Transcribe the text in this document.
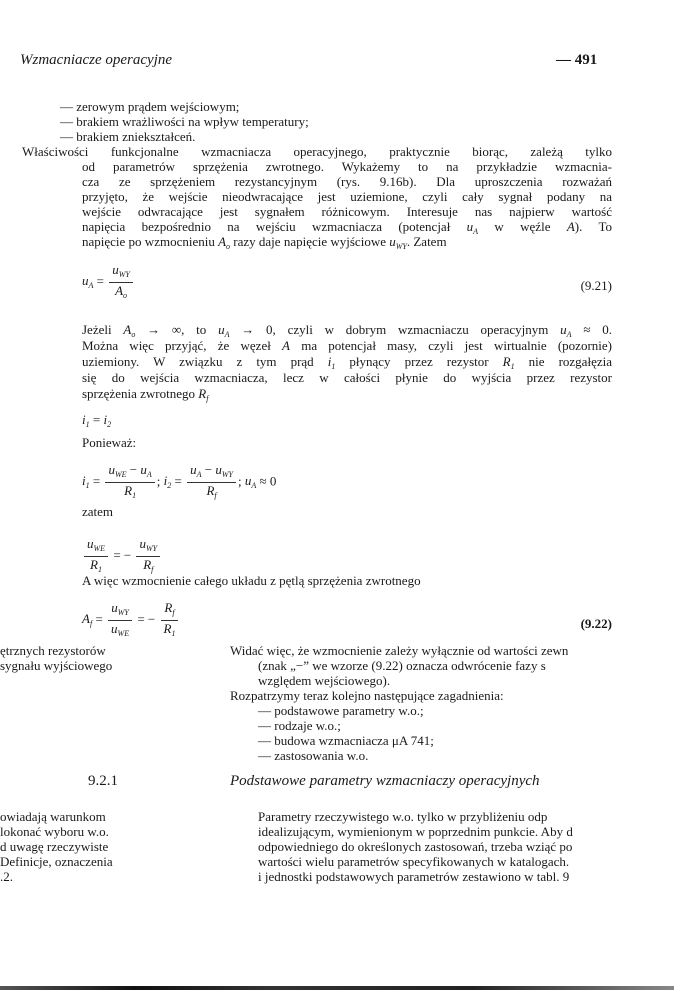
Wzmacniacze operacyjne	— 491
— zerowym prądem wejściowym;
— brakiem wrażliwości na wpływ temperatury;
— brakiem zniekształceń.
Właściwości funkcjonalne wzmacniacza operacyjnego, praktycznie biorąc, zależą tylko
od parametrów sprzężenia zwrotnego. Wykażemy to na przykładzie wzmacnia-
cza ze sprzężeniem rezystancyjnym (rys. 9.16b). Dla uproszczenia rozważań
przyjęto, że wejście nieodwracające jest uziemione, czyli cały sygnał podany na
wejście odwracające jest sygnałem różnicowym. Interesuje nas najpierw wartość
napięcia bezpośrednio na wejściu wzmacniacza (potencjał $u_A$ w węźle A). To
napięcie po wzmocnieniu $A_o$ razy daje napięcie wyjściowe $u_{WY}$. Zatem
$u_A = \frac{u_{WY}}{A_o}$	(9.21)
Jeżeli $A_o$ → ∞, to $u_A \to 0$, czyli w dobrym wzmacniaczu operacyjnym $u_A \approx 0$.
Można więc przyjąć, że węzeł A ma potencjał masy, czyli jest wirtualnie (pozornie)
uziemiony. W związku z tym prąd $i_1$ płynący przez rezystor $R_1$ nie rozgałęzia
się do wejścia wzmacniacza, lecz w całości płynie do wyjścia przez rezystor
sprzężenia zwrotnego $R_f$
$i_1 = i_2$
Ponieważ:
$i_1 = \frac{u_{WE} - u_A}{R_1}$ ; $i_2 = \frac{u_A - u_{WY}}{R_f}$ ; $u_A \approx 0$
zatem
$\frac{u_{WE}}{R_1}$ = − $\frac{u_{WY}}{R_f}$
A więc wzmocnienie całego układu z pętlą sprzężenia zwrotnego
$A_f = \frac{u_{WY}}{u_{WE}}$ = − $\frac{R_f}{R_1}$	(9.22)
ętrznych rezystorów
sygnału wyjściowego
Widać więc, że wzmocnienie zależy wyłącznie od wartości zewn
(znak „−” we wzorze (9.22) oznacza odwrócenie fazy s
względem wejściowego).
Rozpatrzymy teraz kolejno następujące zagadnienia:
— podstawowe parametry w.o.;
— rodzaje w.o.;
— budowa wzmacniacza μA 741;
— zastosowania w.o.
9.2.1	Podstawowe parametry wzmacniaczy operacyjnych
owiadają warunkom
lokonać wyboru w.o.
d uwagę rzeczywiste
Definicje, oznaczenia
.2.
Parametry rzeczywistego w.o. tylko w przybliżeniu odp
idealizującym, wymienionym w poprzednim punkcie. Aby d
odpowiedniego do określonych zastosowań, trzeba wziąć po
wartości wielu parametrów specyfikowanych w katalogach.
i jednostki podstawowych parametrów zestawiono w tabl. 9
